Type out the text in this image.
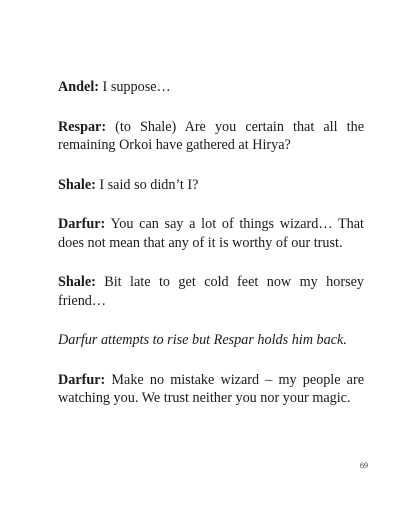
Andel: I suppose…

Respar: (to Shale) Are you certain that all the remaining Orkoi have gathered at Hirya?

Shale: I said so didn’t I?

Darfur: You can say a lot of things wizard… That does not mean that any of it is worthy of our trust.

Shale: Bit late to get cold feet now my horsey friend…

Darfur attempts to rise but Respar holds him back.

Darfur: Make no mistake wizard – my people are watching you. We trust neither you nor your magic.

69
